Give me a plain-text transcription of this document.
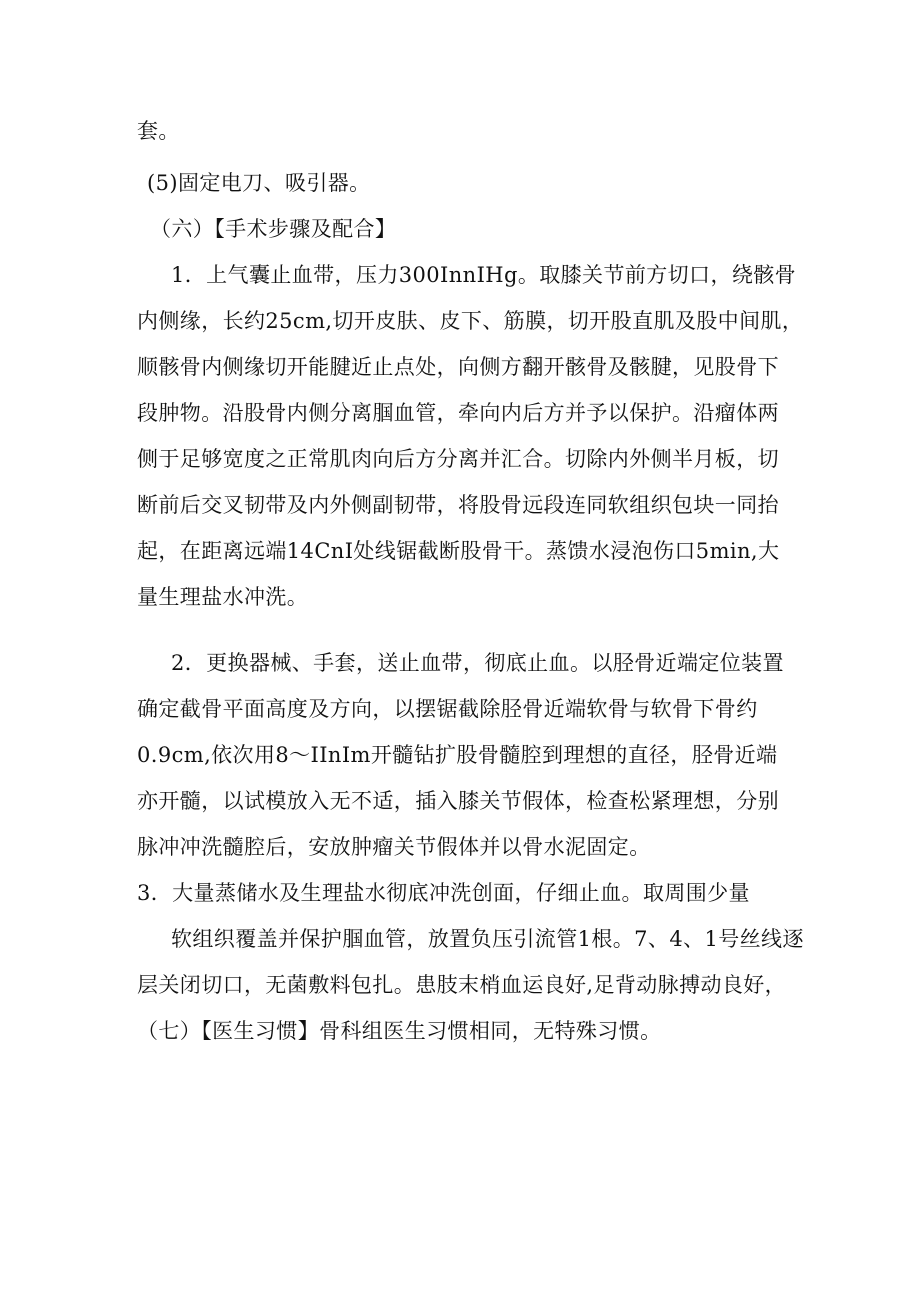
套。
(5)固定电刀、吸引器。
（六）【手术步骤及配合】
1．上气囊止血带，压力300InnIHg。取膝关节前方切口，绕骸骨
内侧缘，长约25cm,切开皮肤、皮下、筋膜，切开股直肌及股中间肌，
顺骸骨内侧缘切开能腱近止点处，向侧方翻开骸骨及骸腱，见股骨下
段肿物。沿股骨内侧分离腘血管，牵向内后方并予以保护。沿瘤体两
侧于足够宽度之正常肌肉向后方分离并汇合。切除内外侧半月板，切
断前后交叉韧带及内外侧副韧带，将股骨远段连同软组织包块一同抬
起，在距离远端14CnI处线锯截断股骨干。蒸馈水浸泡伤口5min,大
量生理盐水冲洗。
2．更换器械、手套，送止血带，彻底止血。以胫骨近端定位装置
确定截骨平面高度及方向，以摆锯截除胫骨近端软骨与软骨下骨约
0.9cm,依次用8～IInIm开髓钻扩股骨髓腔到理想的直径，胫骨近端
亦开髓，以试模放入无不适，插入膝关节假体，检查松紧理想，分别
脉冲冲洗髓腔后，安放肿瘤关节假体并以骨水泥固定。
3．大量蒸储水及生理盐水彻底冲洗创面，仔细止血。取周围少量
软组织覆盖并保护腘血管，放置负压引流管1根。7、4、1号丝线逐
层关闭切口，无菌敷料包扎。患肢末梢血运良好,足背动脉搏动良好，
（七）【医生习惯】骨科组医生习惯相同，无特殊习惯。
